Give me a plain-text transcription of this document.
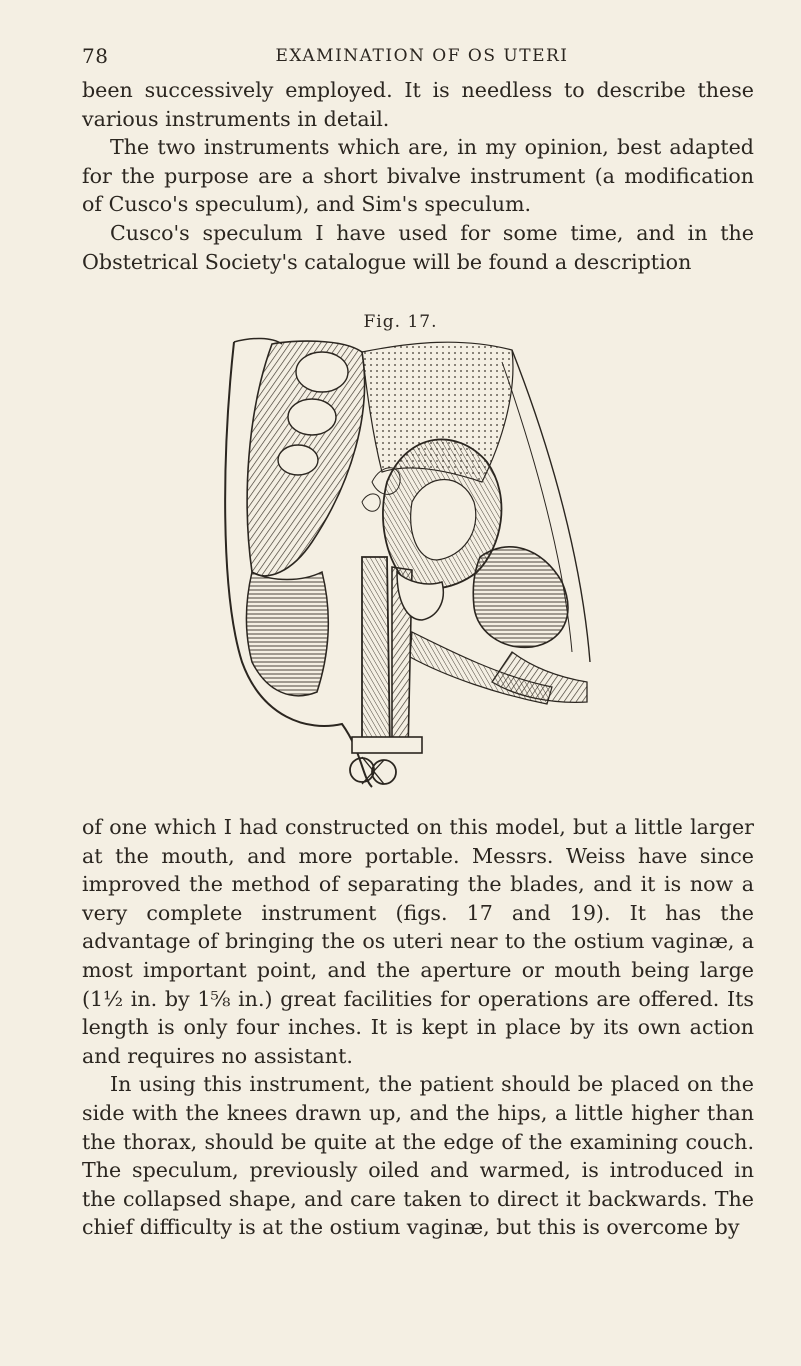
78	EXAMINATION OF OS UTERI

been successively employed. It is needless to describe these various instruments in detail.

The two instruments which are, in my opinion, best adapted for the purpose are a short bivalve instrument (a modification of Cusco's speculum), and Sim's speculum.

Cusco's speculum I have used for some time, and in the Obstetrical Society's catalogue will be found a description

Fig. 17.

of one which I had constructed on this model, but a little larger at the mouth, and more portable. Messrs. Weiss have since improved the method of separating the blades, and it is now a very complete instrument (figs. 17 and 19). It has the advantage of bringing the os uteri near to the ostium vaginæ, a most important point, and the aperture or mouth being large (1½ in. by 1⅝ in.) great facilities for operations are offered. Its length is only four inches. It is kept in place by its own action and requires no assistant.

In using this instrument, the patient should be placed on the side with the knees drawn up, and the hips, a little higher than the thorax, should be quite at the edge of the examining couch. The speculum, previously oiled and warmed, is introduced in the collapsed shape, and care taken to direct it backwards. The chief difficulty is at the ostium vaginæ, but this is overcome by
